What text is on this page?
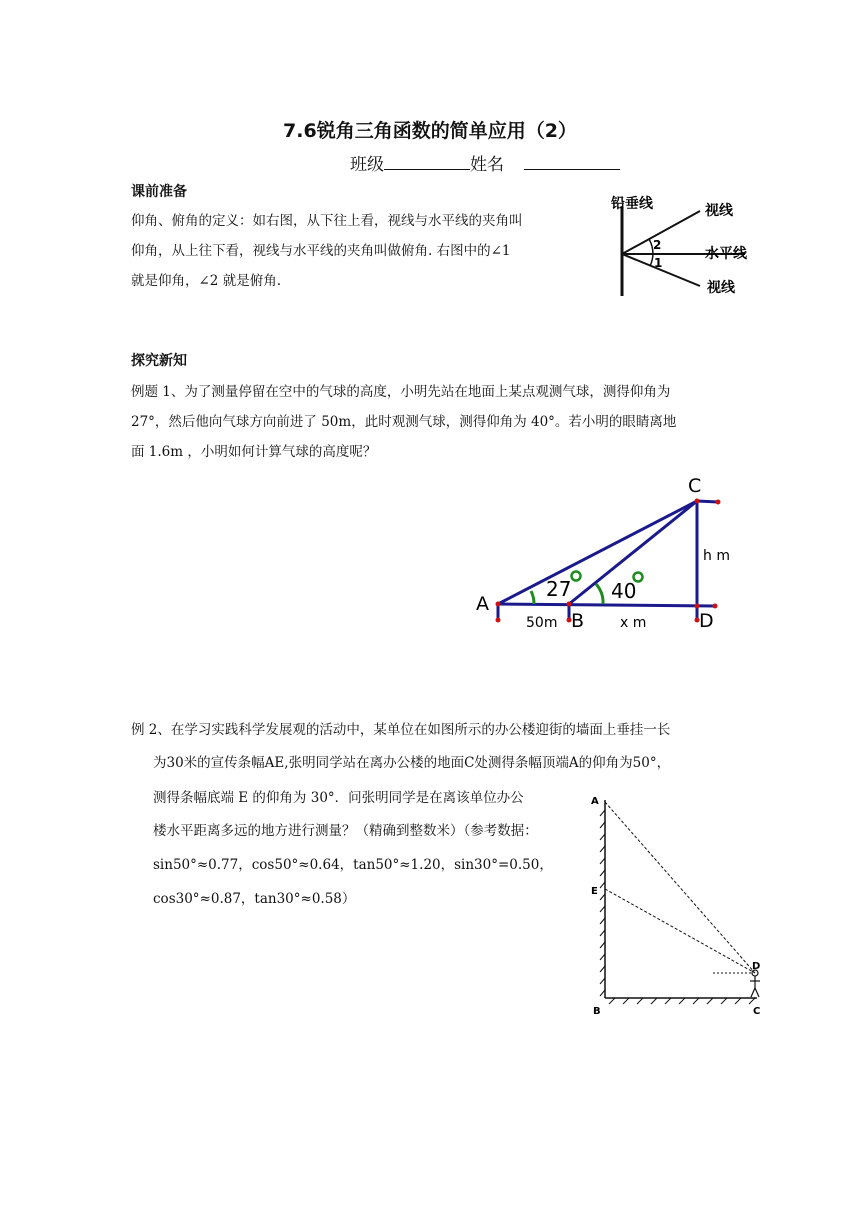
7.6锐角三角函数的简单应用（2）
班级	姓名
课前准备
仰角、俯角的定义：如右图，从下往上看，视线与水平线的夹角叫
仰角，从上往下看，视线与水平线的夹角叫做俯角. 右图中的∠1
就是仰角，∠2 就是俯角.
铅垂线	视线
水平线
视线
2
1
探究新知
例题 1、为了测量停留在空中的气球的高度，小明先站在地面上某点观测气球，测得仰角为
27°，然后他向气球方向前进了 50m，此时观测气球，测得仰角为 40°。若小明的眼睛离地
面 1.6m ，小明如何计算气球的高度呢？
C
A
B	D
h m
x m
50m
27 40
例 2、在学习实践科学发展观的活动中，某单位在如图所示的办公楼迎街的墙面上垂挂一长
为30米的宣传条幅AE,张明同学站在离办公楼的地面C处测得条幅顶端A的仰角为50°，
测得条幅底端 E 的仰角为 30°．问张明同学是在离该单位办公
楼水平距离多远的地方进行测量？（精确到整数米）（参考数据：
sin50°≈0.77，cos50°≈0.64，tan50°≈1.20，sin30°=0.50，
cos30°≈0.87，tan30°≈0.58）
A
E
B	C
D
